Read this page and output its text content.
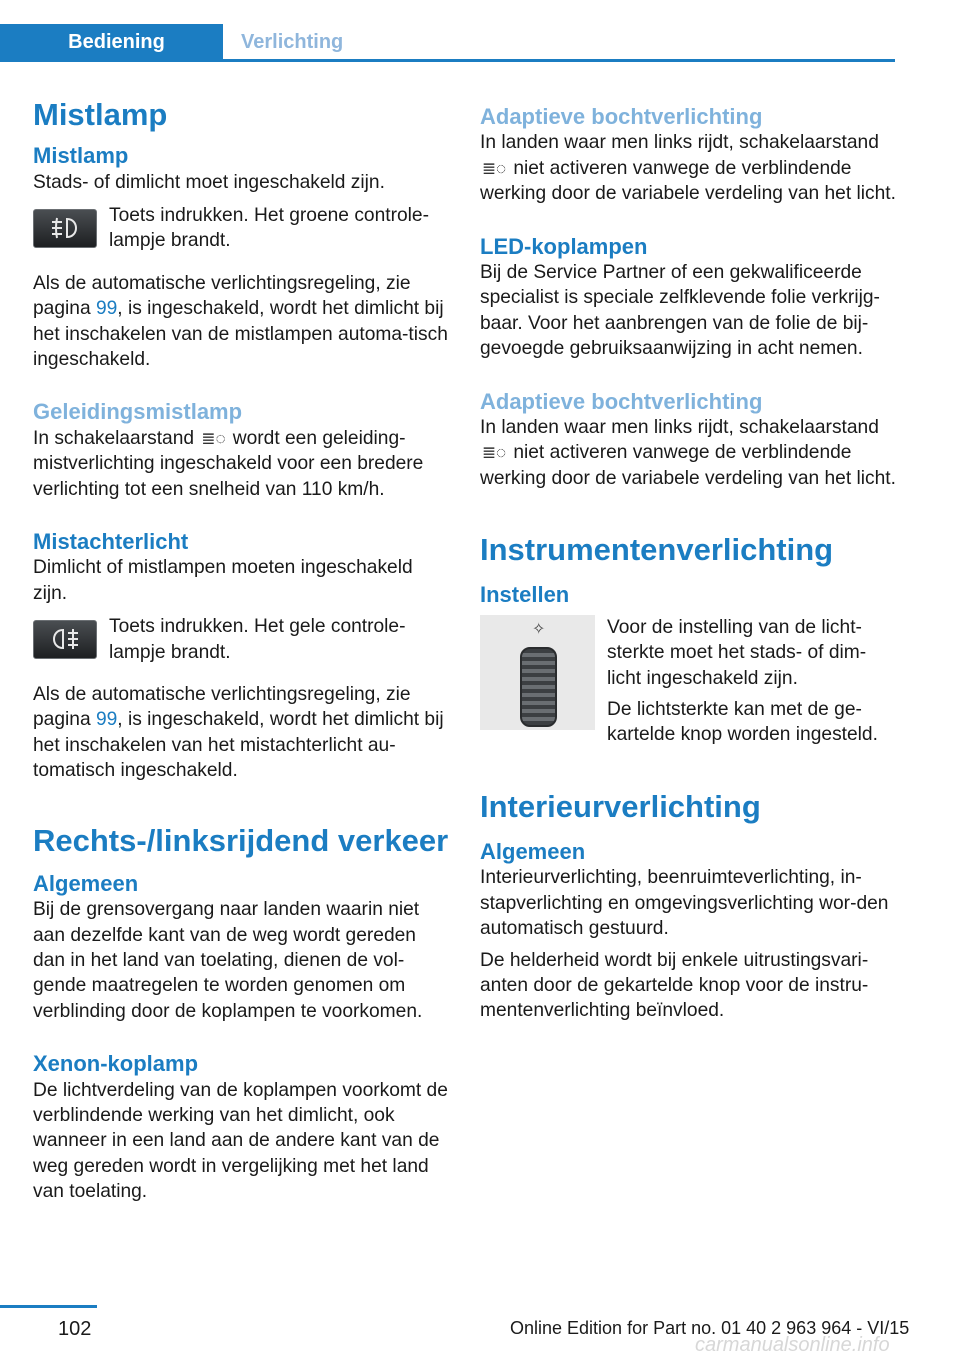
Bediening	Verlichting
Mistlamp
Mistlamp

Stads- of dimlicht moet ingeschakeld zijn.

Toets indrukken. Het groene controle-lampje brandt.

Als de automatische verlichtingsregeling, zie pagina 99, is ingeschakeld, wordt het dimlicht bij het inschakelen van de mistlampen automa-tisch ingeschakeld.

Geleidingsmistlamp

In schakelaarstand ≣◌ wordt een geleiding-mistverlichting ingeschakeld voor een bredere verlichting tot een snelheid van 110 km/h.

Mistachterlicht

Dimlicht of mistlampen moeten ingeschakeld zijn.

Toets indrukken. Het gele controle-lampje brandt.

Als de automatische verlichtingsregeling, zie pagina 99, is ingeschakeld, wordt het dimlicht bij het inschakelen van het mistachterlicht au-tomatisch ingeschakeld.

Rechts-/linksrijdend verkeer
Algemeen

Bij de grensovergang naar landen waarin niet aan dezelfde kant van de weg wordt gereden dan in het land van toelating, dienen de vol-gende maatregelen te worden genomen om verblinding door de koplampen te voorkomen.

Xenon-koplamp

De lichtverdeling van de koplampen voorkomt de verblindende werking van het dimlicht, ook wanneer in een land aan de andere kant van de weg gereden wordt in vergelijking met het land van toelating.

Adaptieve bochtverlichting

In landen waar men links rijdt, schakelaarstand
≣◌ niet activeren vanwege de verblindende werking door de variabele verdeling van het licht.

LED-koplampen

Bij de Service Partner of een gekwalificeerde specialist is speciale zelfklevende folie verkrijg-baar. Voor het aanbrengen van de folie de bij-gevoegde gebruiksaanwijzing in acht nemen.

Adaptieve bochtverlichting

In landen waar men links rijdt, schakelaarstand
≣◌ niet activeren vanwege de verblindende werking door de variabele verdeling van het licht.

Instrumentenverlichting
Instellen
✧	Voor de instelling van de licht-sterkte moet het stads- of dim-licht ingeschakeld zijn.

De lichtsterkte kan met de ge-kartelde knop worden ingesteld.

Interieurverlichting
Algemeen

Interieurverlichting, beenruimteverlichting, in-stapverlichting en omgevingsverlichting wor-den automatisch gestuurd.

De helderheid wordt bij enkele uitrustingsvari-anten door de gekartelde knop voor de instru-mentenverlichting beïnvloed.

102	Online Edition for Part no. 01 40 2 963 964 - VI/15
carmanualsonline.info
